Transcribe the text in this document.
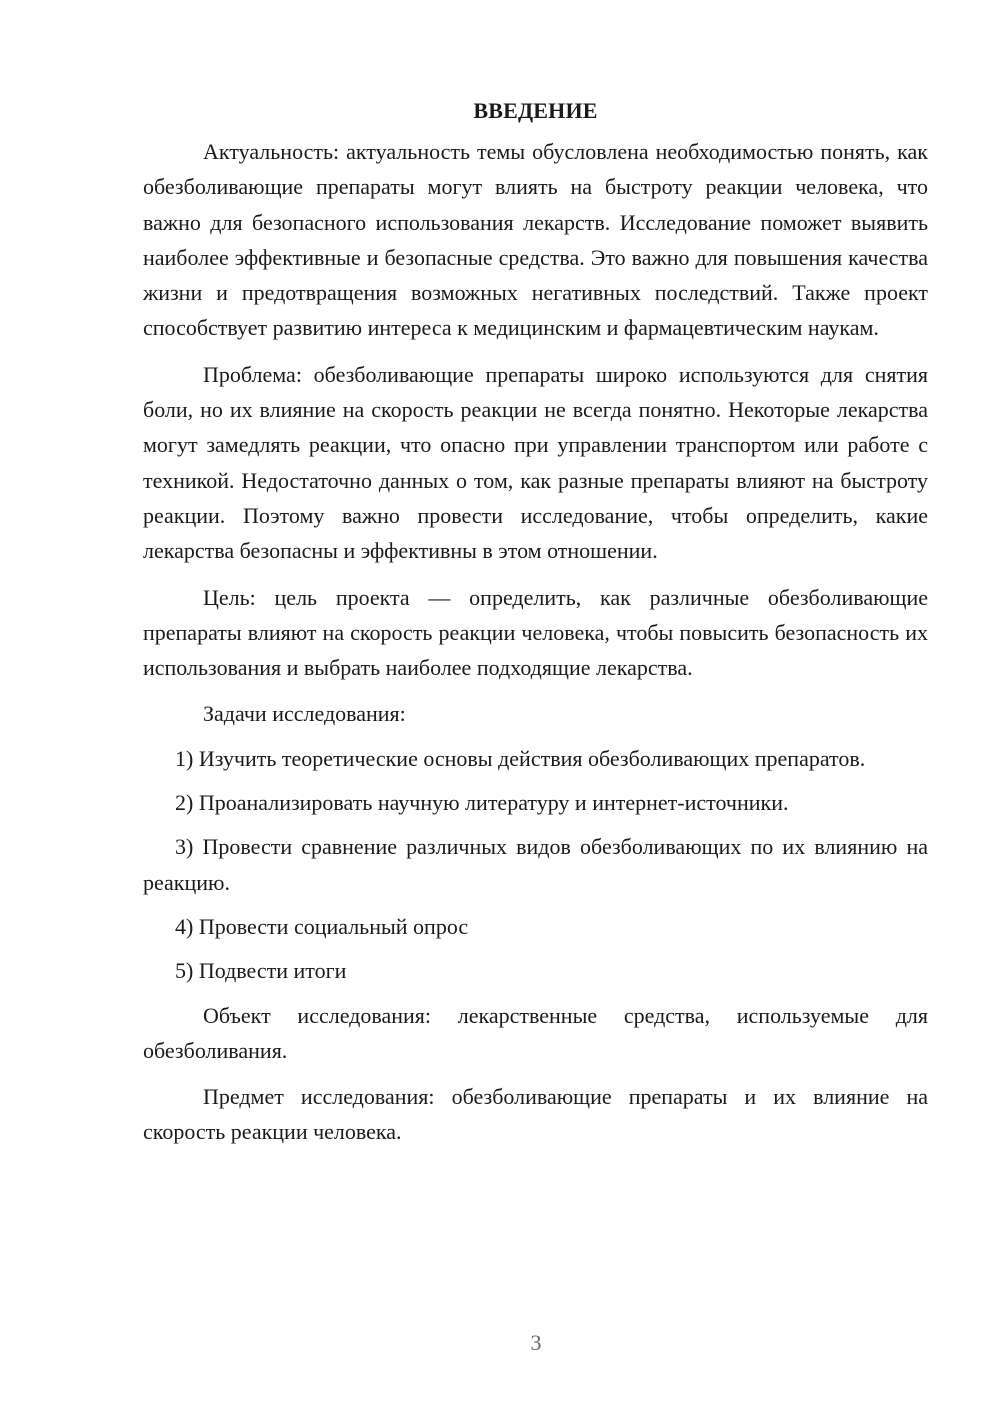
ВВЕДЕНИЕ

Актуальность: актуальность темы обусловлена необходимостью понять, как обезболивающие препараты могут влиять на быстроту реакции человека, что важно для безопасного использования лекарств. Исследование поможет выявить наиболее эффективные и безопасные средства. Это важно для повышения качества жизни и предотвращения возможных негативных последствий. Также проект способствует развитию интереса к медицинским и фармацевтическим наукам.

Проблема: обезболивающие препараты широко используются для снятия боли, но их влияние на скорость реакции не всегда понятно. Некоторые лекарства могут замедлять реакции, что опасно при управлении транспортом или работе с техникой. Недостаточно данных о том, как разные препараты влияют на быстроту реакции. Поэтому важно провести исследование, чтобы определить, какие лекарства безопасны и эффективны в этом отношении.

Цель: цель проекта — определить, как различные обезболивающие препараты влияют на скорость реакции человека, чтобы повысить безопасность их использования и выбрать наиболее подходящие лекарства.

Задачи исследования:

1) Изучить теоретические основы действия обезболивающих препаратов.

2) Проанализировать научную литературу и интернет-источники.

3) Провести сравнение различных видов обезболивающих по их влиянию на реакцию.

4) Провести социальный опрос

5) Подвести итоги

Объект исследования: лекарственные средства, используемые для обезболивания.

Предмет исследования: обезболивающие препараты и их влияние на скорость реакции человека.

3
